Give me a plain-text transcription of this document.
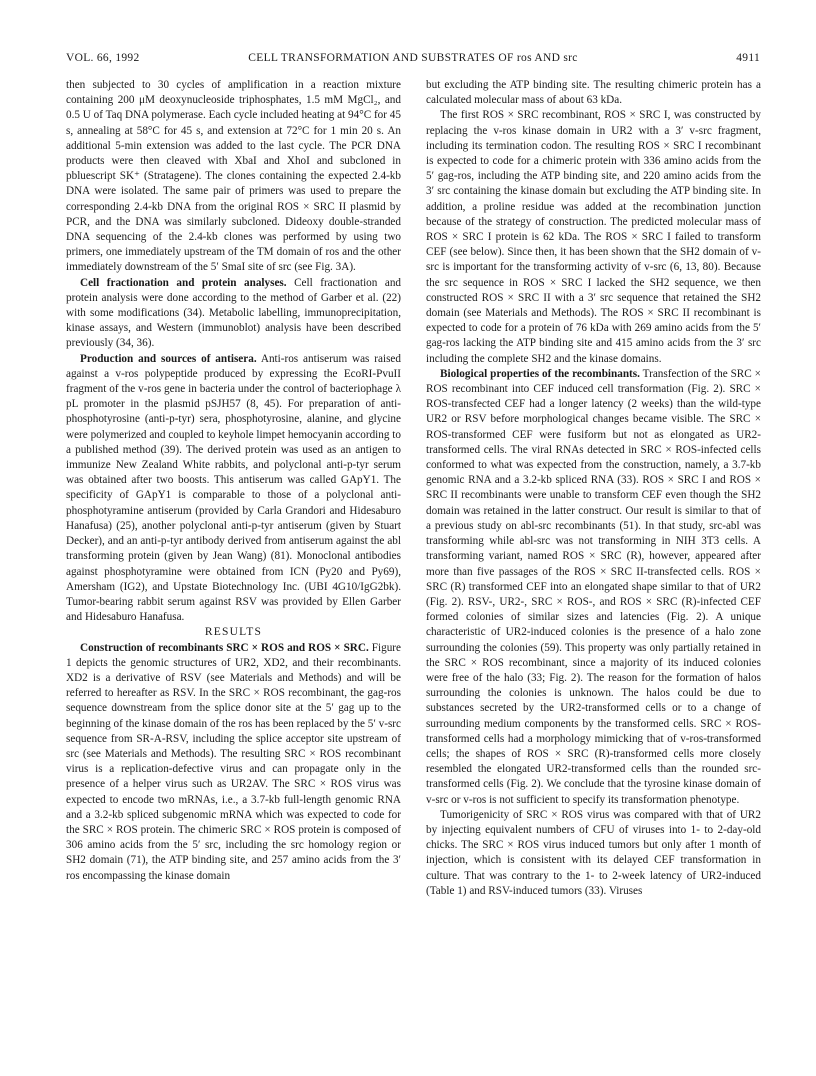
VOL. 66, 1992	CELL TRANSFORMATION AND SUBSTRATES OF ros AND src	4911

then subjected to 30 cycles of amplification in a reaction mixture containing 200 μM deoxynucleoside triphosphates, 1.5 mM MgCl₂, and 0.5 U of Taq DNA polymerase. Each cycle included heating at 94°C for 45 s, annealing at 58°C for 45 s, and extension at 72°C for 1 min 20 s. An additional 5-min extension was added to the last cycle. The PCR DNA products were then cleaved with XbaI and XhoI and subcloned in pbluescript SK⁺ (Stratagene). The clones containing the expected 2.4-kb DNA were isolated. The same pair of primers was used to prepare the corresponding 2.4-kb DNA from the original ROS × SRC II plasmid by PCR, and the DNA was similarly subcloned. Dideoxy double-stranded DNA sequencing of the 2.4-kb clones was performed by using two primers, one immediately upstream of the TM domain of ros and the other immediately downstream of the 5′ SmaI site of src (see Fig. 3A).

Cell fractionation and protein analyses. Cell fractionation and protein analysis were done according to the method of Garber et al. (22) with some modifications (34). Metabolic labelling, immunoprecipitation, kinase assays, and Western (immunoblot) analysis have been described previously (34, 36).

Production and sources of antisera. Anti-ros antiserum was raised against a v-ros polypeptide produced by expressing the EcoRI-PvuII fragment of the v-ros gene in bacteria under the control of bacteriophage λ pL promoter in the plasmid pSJH57 (8, 45). For preparation of anti-phosphotyrosine (anti-p-tyr) sera, phosphotyrosine, alanine, and glycine were polymerized and coupled to keyhole limpet hemocyanin according to a published method (39). The derived protein was used as an antigen to immunize New Zealand White rabbits, and polyclonal anti-p-tyr serum was obtained after two boosts. This antiserum was called GApY1. The specificity of GApY1 is comparable to those of a polyclonal anti-phosphotyramine antiserum (provided by Carla Grandori and Hidesaburo Hanafusa) (25), another polyclonal anti-p-tyr antiserum (given by Stuart Decker), and an anti-p-tyr antibody derived from antiserum against the abl transforming protein (given by Jean Wang) (81). Monoclonal antibodies against phosphotyramine were obtained from ICN (Py20 and Py69), Amersham (IG2), and Upstate Biotechnology Inc. (UBI 4G10/IgG2bk). Tumor-bearing rabbit serum against RSV was provided by Ellen Garber and Hidesaburo Hanafusa.

RESULTS

Construction of recombinants SRC × ROS and ROS × SRC. Figure 1 depicts the genomic structures of UR2, XD2, and their recombinants. XD2 is a derivative of RSV (see Materials and Methods) and will be referred to hereafter as RSV. In the SRC × ROS recombinant, the gag-ros sequence downstream from the splice donor site at the 5′ gag up to the beginning of the kinase domain of the ros has been replaced by the 5′ v-src sequence from SR-A-RSV, including the splice acceptor site upstream of src (see Materials and Methods). The resulting SRC × ROS recombinant virus is a replication-defective virus and can propagate only in the presence of a helper virus such as UR2AV. The SRC × ROS virus was expected to encode two mRNAs, i.e., a 3.7-kb full-length genomic RNA and a 3.2-kb spliced subgenomic mRNA which was expected to code for the SRC × ROS protein. The chimeric SRC × ROS protein is composed of 306 amino acids from the 5′ src, including the src homology region or SH2 domain (71), the ATP binding site, and 257 amino acids from the 3′ ros encompassing the kinase domain

but excluding the ATP binding site. The resulting chimeric protein has a calculated molecular mass of about 63 kDa.

The first ROS × SRC recombinant, ROS × SRC I, was constructed by replacing the v-ros kinase domain in UR2 with a 3′ v-src fragment, including its termination codon. The resulting ROS × SRC I recombinant is expected to code for a chimeric protein with 336 amino acids from the 5′ gag-ros, including the ATP binding site, and 220 amino acids from the 3′ src containing the kinase domain but excluding the ATP binding site. In addition, a proline residue was added at the recombination junction because of the strategy of construction. The predicted molecular mass of ROS × SRC I protein is 62 kDa. The ROS × SRC I failed to transform CEF (see below). Since then, it has been shown that the SH2 domain of v-src is important for the transforming activity of v-src (6, 13, 80). Because the src sequence in ROS × SRC I lacked the SH2 sequence, we then constructed ROS × SRC II with a 3′ src sequence that retained the SH2 domain (see Materials and Methods). The ROS × SRC II recombinant is expected to code for a protein of 76 kDa with 269 amino acids from the 5′ gag-ros lacking the ATP binding site and 415 amino acids from the 3′ src including the complete SH2 and the kinase domains.

Biological properties of the recombinants. Transfection of the SRC × ROS recombinant into CEF induced cell transformation (Fig. 2). SRC × ROS-transfected CEF had a longer latency (2 weeks) than the wild-type UR2 or RSV before morphological changes became visible. The SRC × ROS-transformed CEF were fusiform but not as elongated as UR2-transformed cells. The viral RNAs detected in SRC × ROS-infected cells conformed to what was expected from the construction, namely, a 3.7-kb genomic RNA and a 3.2-kb spliced RNA (33). ROS × SRC I and ROS × SRC II recombinants were unable to transform CEF even though the SH2 domain was retained in the latter construct. Our result is similar to that of a previous study on abl-src recombinants (51). In that study, src-abl was transforming while abl-src was not transforming in NIH 3T3 cells. A transforming variant, named ROS × SRC (R), however, appeared after more than five passages of the ROS × SRC II-transfected cells. ROS × SRC (R) transformed CEF into an elongated shape similar to that of UR2 (Fig. 2). RSV-, UR2-, SRC × ROS-, and ROS × SRC (R)-infected CEF formed colonies of similar sizes and latencies (Fig. 2). A unique characteristic of UR2-induced colonies is the presence of a halo zone surrounding the colonies (59). This property was only partially retained in the SRC × ROS recombinant, since a majority of its induced colonies were free of the halo (33; Fig. 2). The reason for the formation of halos surrounding the colonies is unknown. The halos could be due to substances secreted by the UR2-transformed cells or to a change of surrounding medium components by the transformed cells. SRC × ROS-transformed cells had a morphology mimicking that of v-ros-transformed cells; the shapes of ROS × SRC (R)-transformed cells more closely resembled the elongated UR2-transformed cells than the rounded src-transformed cells (Fig. 2). We conclude that the tyrosine kinase domain of v-src or v-ros is not sufficient to specify its transformation phenotype.

Tumorigenicity of SRC × ROS virus was compared with that of UR2 by injecting equivalent numbers of CFU of viruses into 1- to 2-day-old chicks. The SRC × ROS virus induced tumors but only after 1 month of injection, which is consistent with its delayed CEF transformation in culture. That was contrary to the 1- to 2-week latency of UR2-induced (Table 1) and RSV-induced tumors (33). Viruses
